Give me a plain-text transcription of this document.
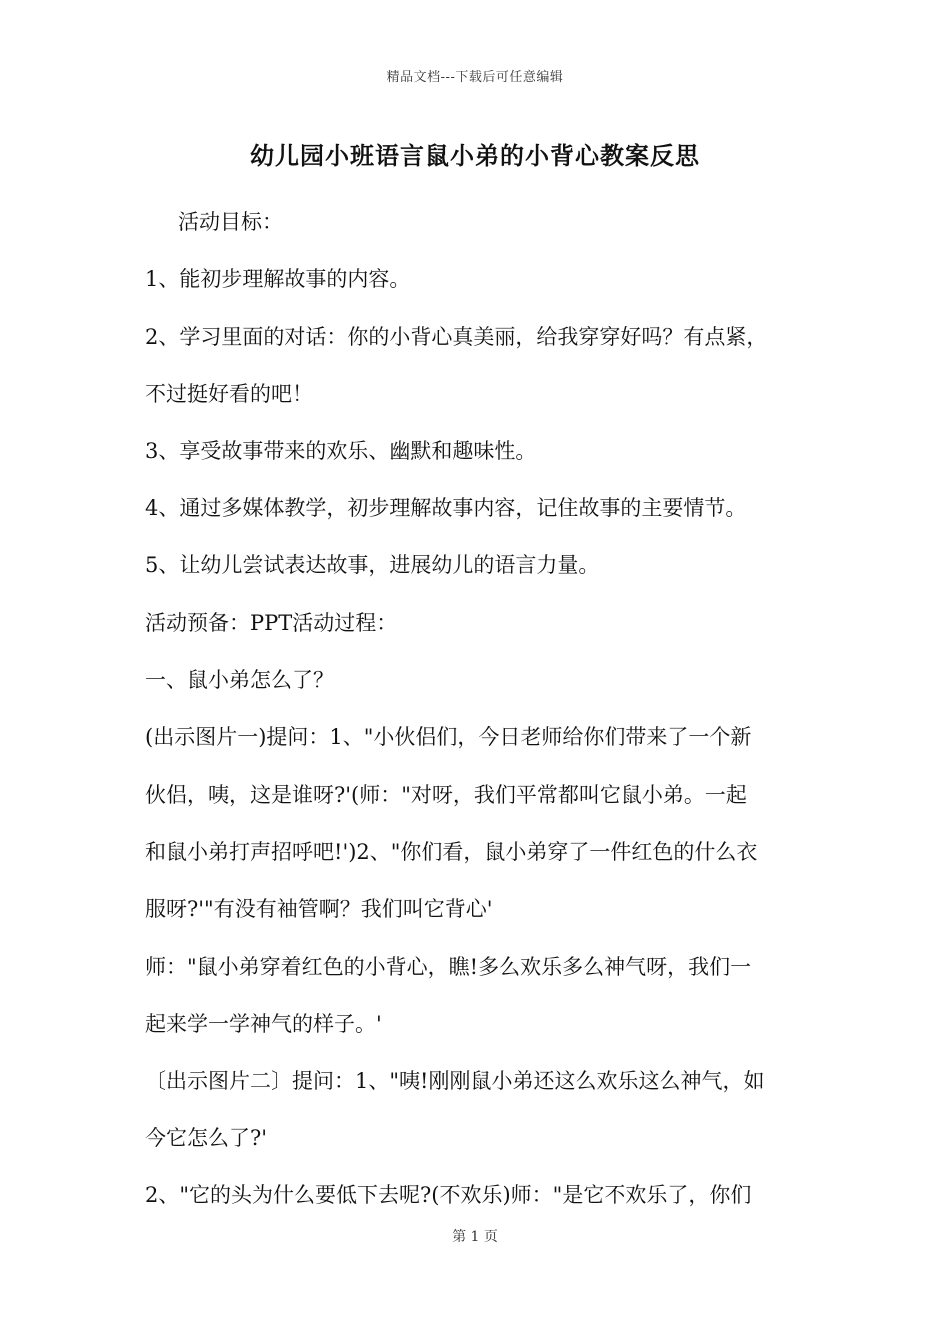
精品文档---下载后可任意编辑
幼儿园小班语言鼠小弟的小背心教案反思
活动目标：
1、能初步理解故事的内容。
2、学习里面的对话：你的小背心真美丽，给我穿穿好吗？有点紧，
不过挺好看的吧！
3、享受故事带来的欢乐、幽默和趣味性。
4、通过多媒体教学，初步理解故事内容，记住故事的主要情节。
5、让幼儿尝试表达故事，进展幼儿的语言力量。
活动预备：PPT活动过程：
一、鼠小弟怎么了？
(出示图片一)提问：1、"小伙侣们，今日老师给你们带来了一个新
伙侣，咦，这是谁呀?'(师："对呀，我们平常都叫它鼠小弟。一起
和鼠小弟打声招呼吧!')2、"你们看，鼠小弟穿了一件红色的什么衣
服呀?'"有没有袖管啊？我们叫它背心'
师："鼠小弟穿着红色的小背心，瞧!多么欢乐多么神气呀，我们一
起来学一学神气的样子。'
〔出示图片二〕提问：1、"咦!刚刚鼠小弟还这么欢乐这么神气，如
今它怎么了?'
2、"它的头为什么要低下去呢?(不欢乐)师："是它不欢乐了，你们
第 1 页
